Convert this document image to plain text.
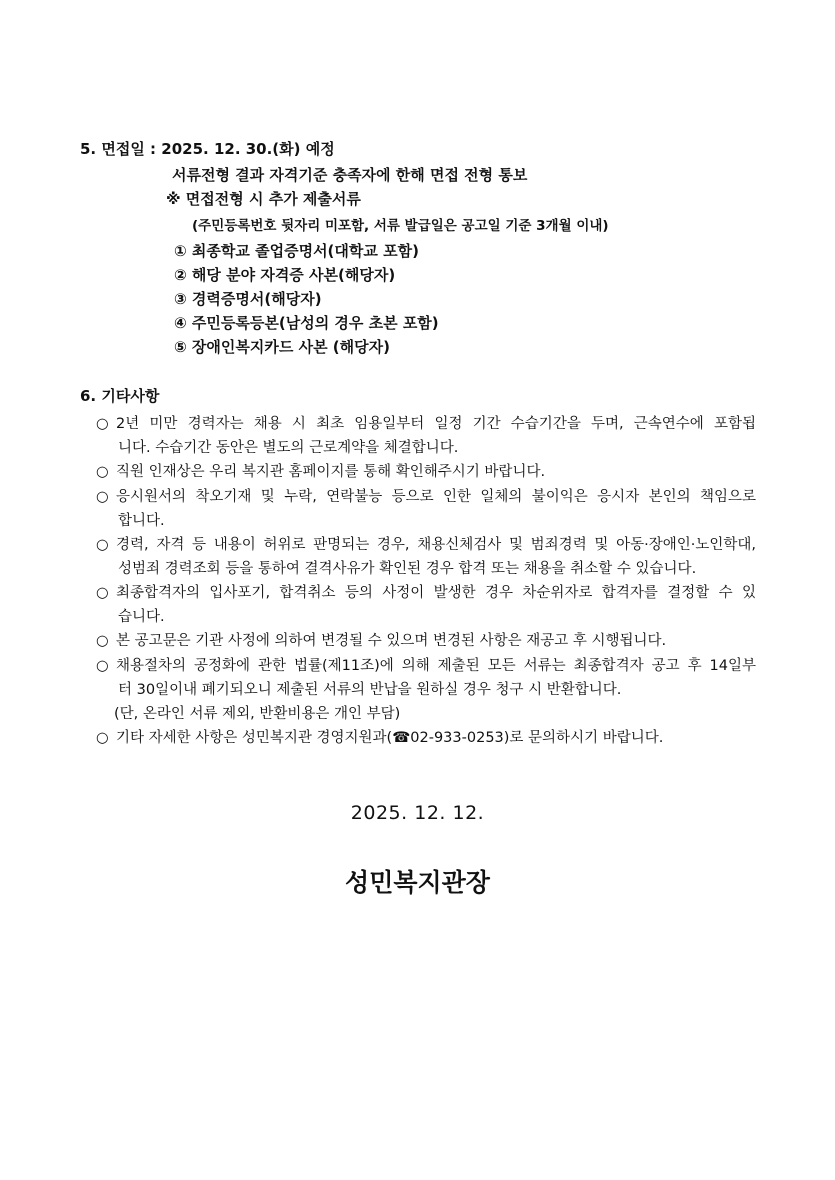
5. 면접일 : 2025. 12. 30.(화) 예정
서류전형 결과 자격기준 충족자에 한해 면접 전형 통보
※ 면접전형 시 추가 제출서류
(주민등록번호 뒷자리 미포함, 서류 발급일은 공고일 기준 3개월 이내)
① 최종학교 졸업증명서(대학교 포함)
② 해당 분야 자격증 사본(해당자)
③ 경력증명서(해당자)
④ 주민등록등본(남성의 경우 초본 포함)
⑤ 장애인복지카드 사본 (해당자)
6. 기타사항
○ 2년 미만 경력자는 채용 시 최초 임용일부터 일정 기간 수습기간을 두며, 근속연수에 포함됩
니다. 수습기간 동안은 별도의 근로계약을 체결합니다.
○ 직원 인재상은 우리 복지관 홈페이지를 통해 확인해주시기 바랍니다.
○ 응시원서의 착오기재 및 누락, 연락불능 등으로 인한 일체의 불이익은 응시자 본인의 책임으로
합니다.
○ 경력, 자격 등 내용이 허위로 판명되는 경우, 채용신체검사 및 범죄경력 및 아동·장애인·노인학대,
성범죄 경력조회 등을 통하여 결격사유가 확인된 경우 합격 또는 채용을 취소할 수 있습니다.
○ 최종합격자의 입사포기, 합격취소 등의 사정이 발생한 경우 차순위자로 합격자를 결정할 수 있
습니다.
○ 본 공고문은 기관 사정에 의하여 변경될 수 있으며 변경된 사항은 재공고 후 시행됩니다.
○ 채용절차의 공정화에 관한 법률(제11조)에 의해 제출된 모든 서류는 최종합격자 공고 후 14일부
터 30일이내 폐기되오니 제출된 서류의 반납을 원하실 경우 청구 시 반환합니다.
(단, 온라인 서류 제외, 반환비용은 개인 부담)
○ 기타 자세한 사항은 성민복지관 경영지원과(☎02-933-0253)로 문의하시기 바랍니다.
2025. 12. 12.
성민복지관장
